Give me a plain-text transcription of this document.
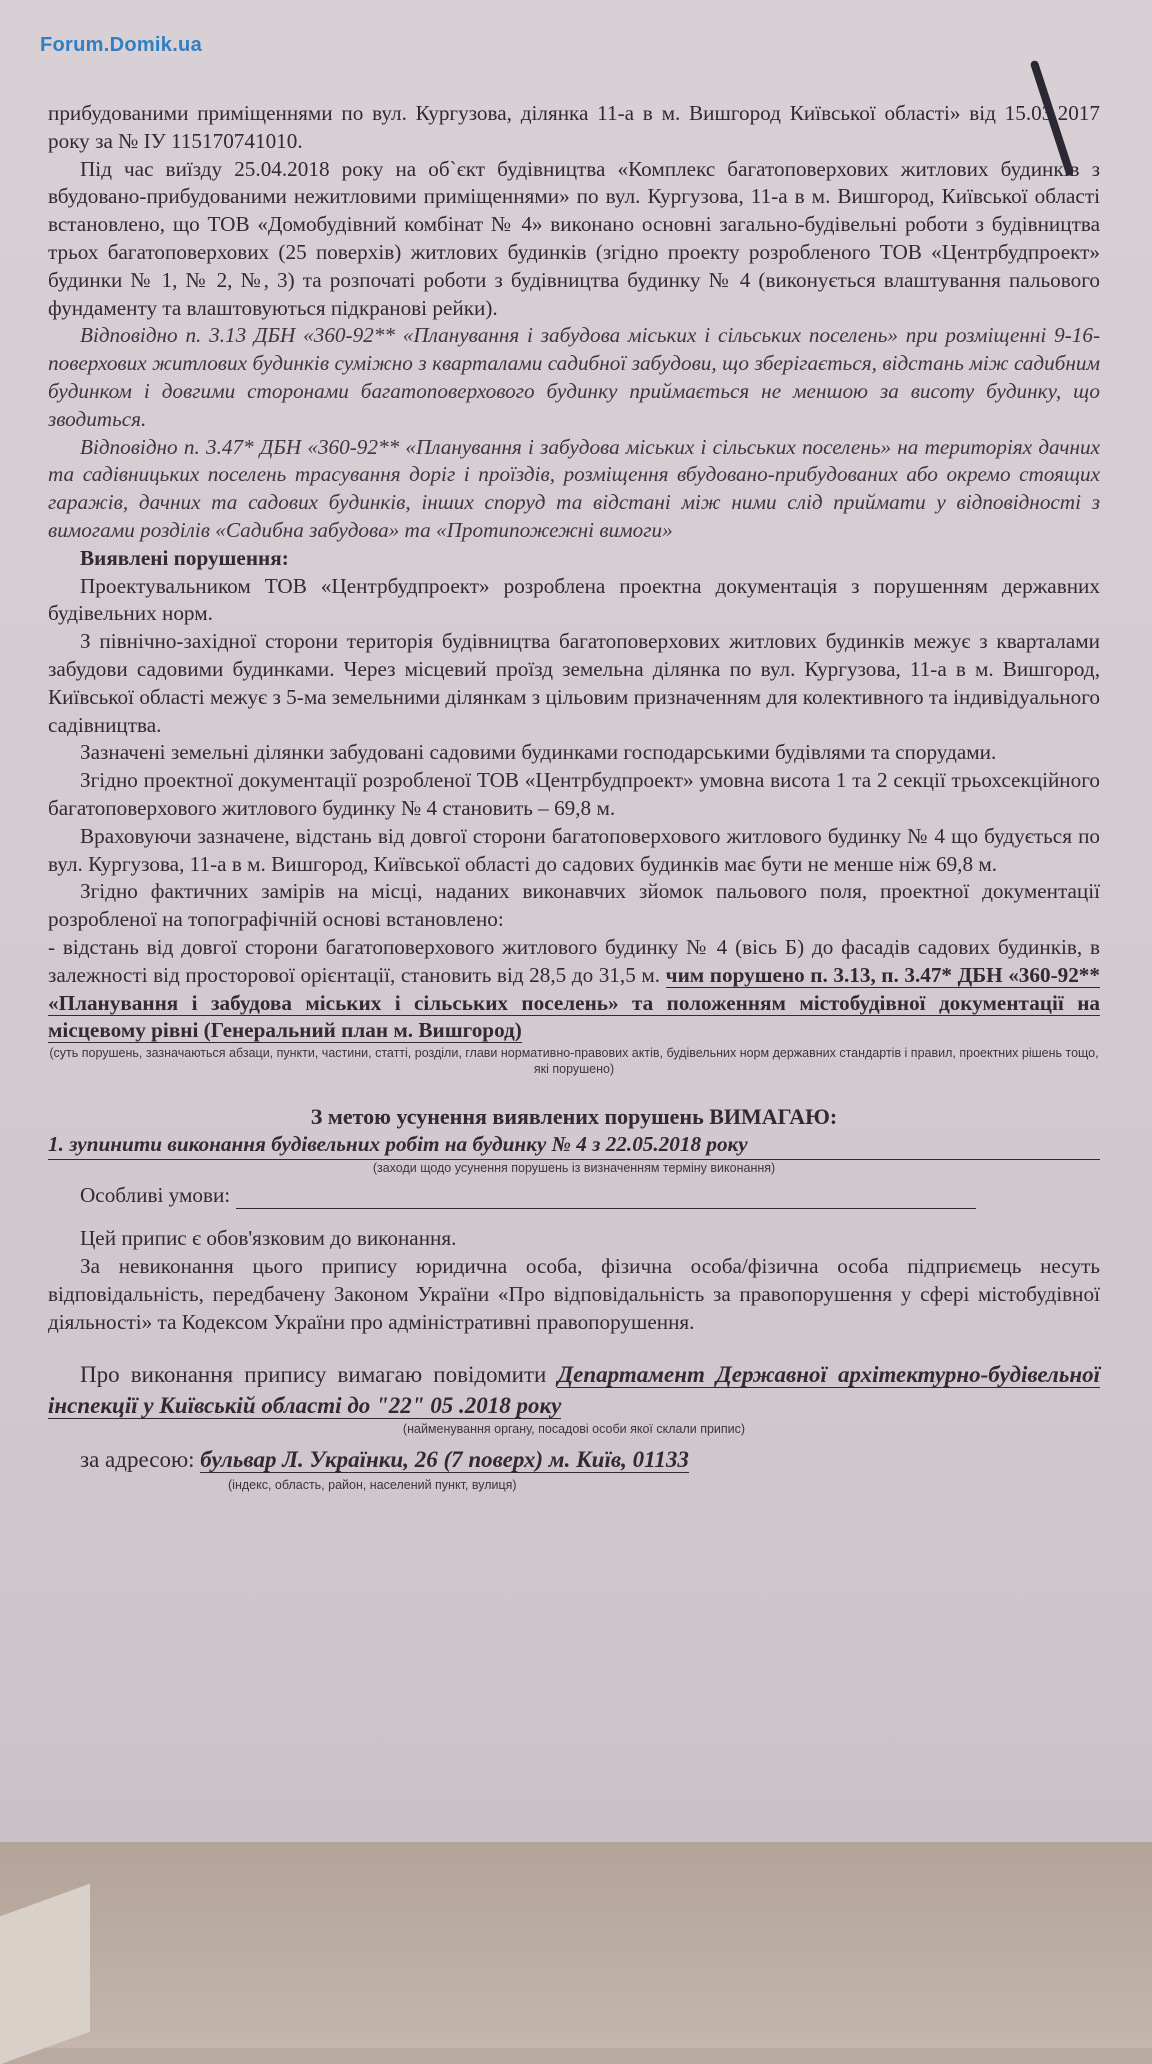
Forum.Domik.ua

прибудованими приміщеннями по вул. Кургузова, ділянка 11-а в м. Вишгород Київської області» від 15.03.2017 року за № ІУ 115170741010.

Під час виїзду 25.04.2018 року на об`єкт будівництва «Комплекс багатоповерхових житлових будинків з вбудовано-прибудованими нежитловими приміщеннями» по вул. Кургузова, 11-а в м. Вишгород, Київської області встановлено, що ТОВ «Домобудівний комбінат № 4» виконано основні загально-будівельні роботи з будівництва трьох багатоповерхових (25 поверхів) житлових будинків (згідно проекту розробленого ТОВ «Центрбудпроект» будинки № 1, № 2, №, 3) та розпочаті роботи з будівництва будинку № 4 (виконується влаштування пальового фундаменту та влаштовуються підкранові рейки).

Відповідно п. 3.13 ДБН «360-92** «Планування і забудова міських і сільських поселень» при розміщенні 9-16- поверхових житлових будинків суміжно з кварталами садибної забудови, що зберігається, відстань між садибним будинком і довгими сторонами багатоповерхового будинку приймається не меншою за висоту будинку, що зводиться.

Відповідно п. 3.47* ДБН «360-92** «Планування і забудова міських і сільських поселень» на територіях дачних та садівницьких поселень трасування доріг і проїздів, розміщення вбудовано-прибудованих або окремо стоящих гаражів, дачних та садових будинків, інших споруд та відстані між ними слід приймати у відповідності з вимогами розділів «Садибна забудова» та «Протипожежні вимоги»

Виявлені порушення:

Проектувальником ТОВ «Центрбудпроект» розроблена проектна документація з порушенням державних будівельних норм.

З північно-західної сторони територія будівництва багатоповерхових житлових будинків межує з кварталами забудови садовими будинками. Через місцевий проїзд земельна ділянка по вул. Кургузова, 11-а в м. Вишгород, Київської області межує з 5-ма земельними ділянкам з цільовим призначенням для колективного та індивідуального садівництва.

Зазначені земельні ділянки забудовані садовими будинками господарськими будівлями та спорудами.

Згідно проектної документації розробленої ТОВ «Центрбудпроект» умовна висота 1 та 2 секції трьохсекційного багатоповерхового житлового будинку № 4 становить – 69,8 м.

Враховуючи зазначене, відстань від довгої сторони багатоповерхового житлового будинку № 4 що будується по вул. Кургузова, 11-а в м. Вишгород, Київської області до садових будинків має бути не менше ніж 69,8 м.

Згідно фактичних замірів на місці, наданих виконавчих зйомок пальового поля, проектної документації розробленої на топографічній основі встановлено:

- відстань від довгої сторони багатоповерхового житлового будинку № 4 (вісь Б) до фасадів садових будинків, в залежності від просторової орієнтації, становить від 28,5 до 31,5 м. чим порушено п. 3.13, п. 3.47* ДБН «360-92** «Планування і забудова міських і сільських поселень» та положенням містобудівної документації на місцевому рівні (Генеральний план м. Вишгород)

(суть порушень, зазначаються абзаци, пункти, частини, статті, розділи, глави нормативно-правових актів, будівельних норм державних стандартів і правил, проектних рішень тощо, які порушено)

З метою усунення виявлених порушень ВИМАГАЮ:

1. зупинити виконання будівельних робіт на будинку № 4 з 22.05.2018 року

(заходи щодо усунення порушень із визначенням терміну виконання)

Особливі умови:

Цей припис є обов'язковим до виконання.

За невиконання цього припису юридична особа, фізична особа/фізична особа підприємець несуть відповідальність, передбачену Законом України «Про відповідальність за правопорушення у сфері містобудівної діяльності» та Кодексом України про адміністративні правопорушення.

Про виконання припису вимагаю повідомити Департамент Державної архітектурно-будівельної інспекції у Київській області до "22" 05 .2018 року

(найменування органу, посадові особи якої склали припис)

за адресою: бульвар Л. Українки, 26 (7 поверх) м. Київ, 01133

(індекс, область, район, населений пункт, вулиця)
